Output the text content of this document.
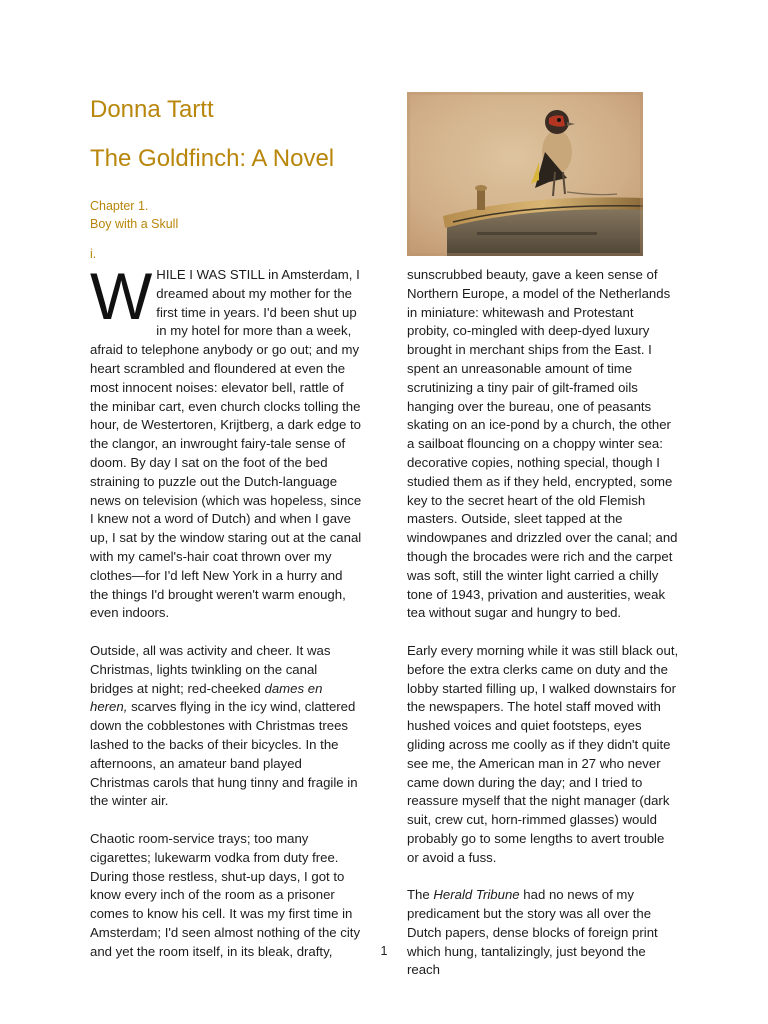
Donna Tartt
The Goldfinch: A Novel
Chapter 1.
Boy with a Skull
i.

WHILE I WAS STILL in Amsterdam, I dreamed about my mother for the first time in years. I'd been shut up in my hotel for more than a week, afraid to telephone anybody or go out; and my heart scrambled and floundered at even the most innocent noises: elevator bell, rattle of the minibar cart, even church clocks tolling the hour, de Westertoren, Krijtberg, a dark edge to the clangor, an inwrought fairy-tale sense of doom. By day I sat on the foot of the bed straining to puzzle out the Dutch-language news on television (which was hopeless, since I knew not a word of Dutch) and when I gave up, I sat by the window staring out at the canal with my camel's-hair coat thrown over my clothes—for I'd left New York in a hurry and the things I'd brought weren't warm enough, even indoors.

Outside, all was activity and cheer. It was Christmas, lights twinkling on the canal bridges at night; red-cheeked dames en heren, scarves flying in the icy wind, clattered down the cobblestones with Christmas trees lashed to the backs of their bicycles. In the afternoons, an amateur band played Christmas carols that hung tinny and fragile in the winter air.

Chaotic room-service trays; too many cigarettes; lukewarm vodka from duty free. During those restless, shut-up days, I got to know every inch of the room as a prisoner comes to know his cell. It was my first time in Amsterdam; I'd seen almost nothing of the city and yet the room itself, in its bleak, drafty,

sunscrubbed beauty, gave a keen sense of Northern Europe, a model of the Netherlands in miniature: whitewash and Protestant probity, co-mingled with deep-dyed luxury brought in merchant ships from the East. I spent an unreasonable amount of time scrutinizing a tiny pair of gilt-framed oils hanging over the bureau, one of peasants skating on an ice-pond by a church, the other a sailboat flouncing on a choppy winter sea: decorative copies, nothing special, though I studied them as if they held, encrypted, some key to the secret heart of the old Flemish masters. Outside, sleet tapped at the windowpanes and drizzled over the canal; and though the brocades were rich and the carpet was soft, still the winter light carried a chilly tone of 1943, privation and austerities, weak tea without sugar and hungry to bed.

Early every morning while it was still black out, before the extra clerks came on duty and the lobby started filling up, I walked downstairs for the newspapers. The hotel staff moved with hushed voices and quiet footsteps, eyes gliding across me coolly as if they didn't quite see me, the American man in 27 who never came down during the day; and I tried to reassure myself that the night manager (dark suit, crew cut, horn-rimmed glasses) would probably go to some lengths to avert trouble or avoid a fuss.

The Herald Tribune had no news of my predicament but the story was all over the Dutch papers, dense blocks of foreign print which hung, tantalizingly, just beyond the reach

1
